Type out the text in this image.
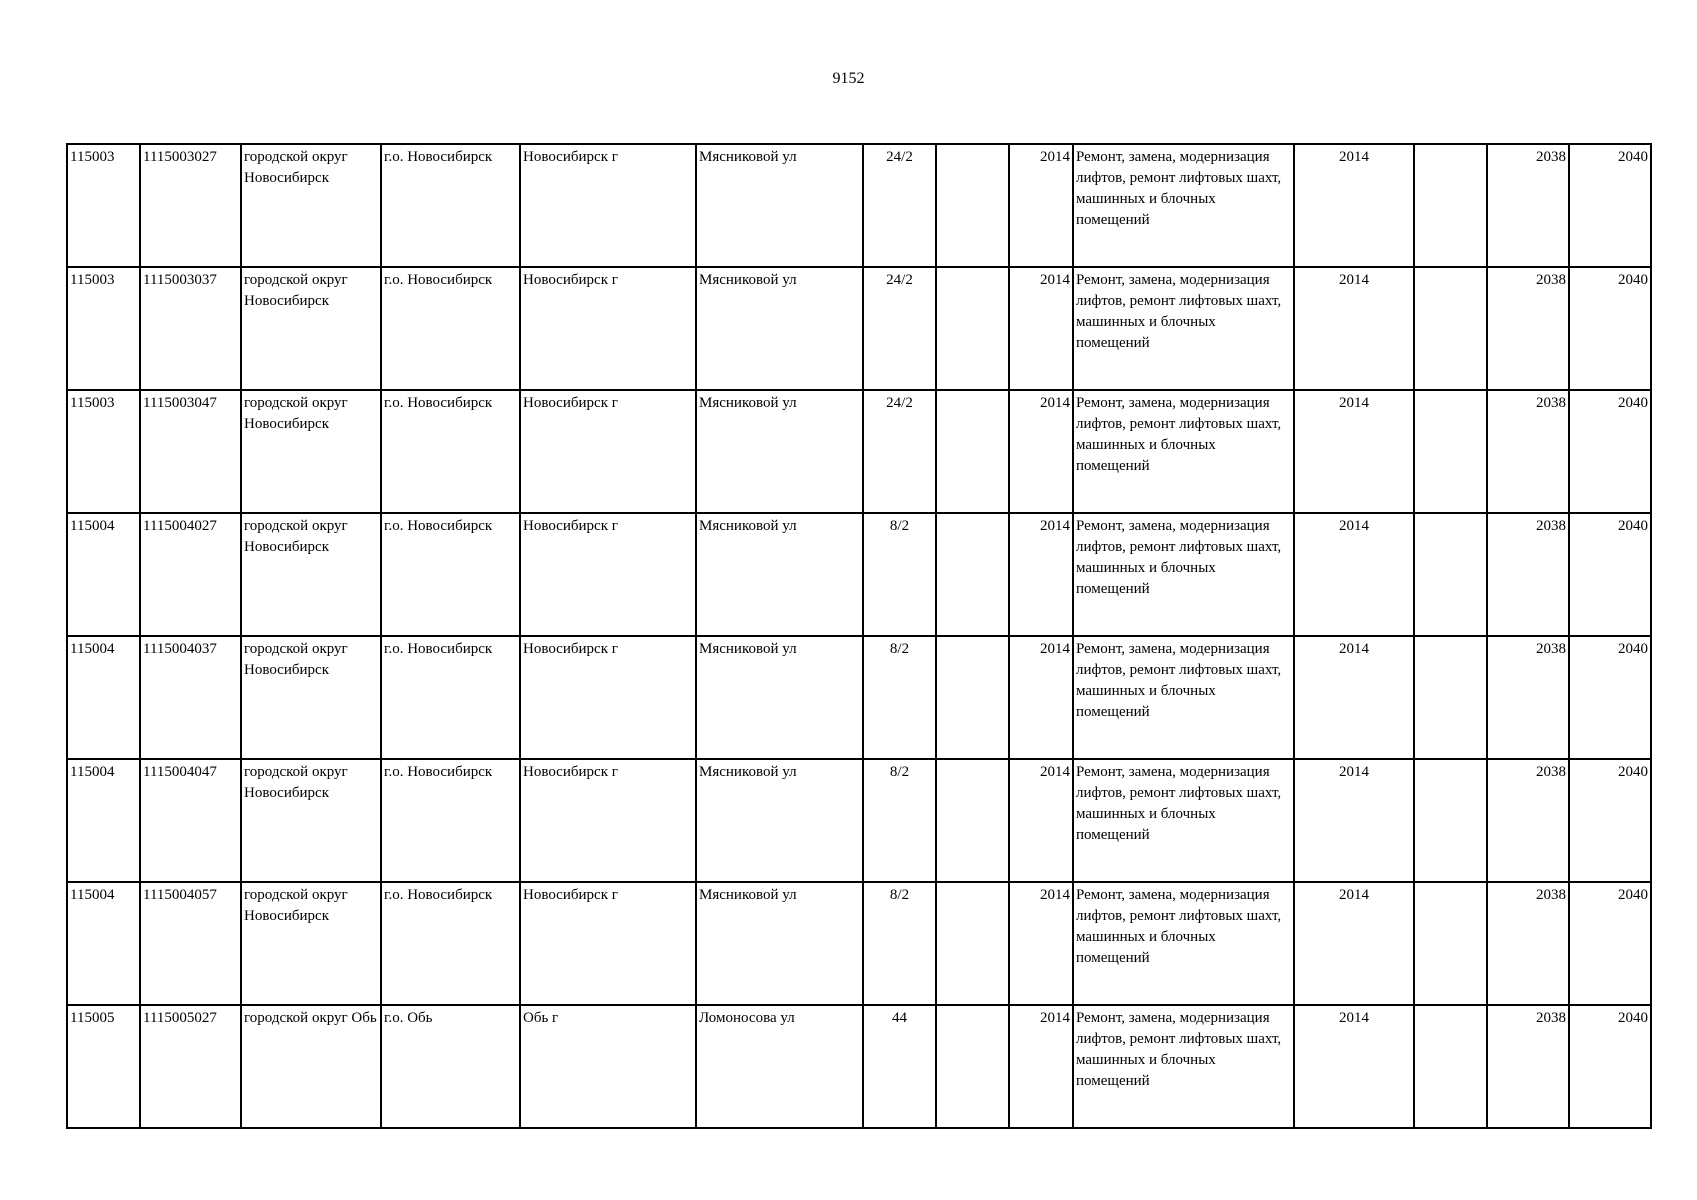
9152
115003	1115003027	городской округ Новосибирск	г.о. Новосибирск	Новосибирск г	Мясниковой ул	24/2		2014	Ремонт, замена, модернизация лифтов, ремонт лифтовых шахт, машинных и блочных помещений	2014		2038	2040
115003	1115003037	городской округ Новосибирск	г.о. Новосибирск	Новосибирск г	Мясниковой ул	24/2		2014	Ремонт, замена, модернизация лифтов, ремонт лифтовых шахт, машинных и блочных помещений	2014		2038	2040
115003	1115003047	городской округ Новосибирск	г.о. Новосибирск	Новосибирск г	Мясниковой ул	24/2		2014	Ремонт, замена, модернизация лифтов, ремонт лифтовых шахт, машинных и блочных помещений	2014		2038	2040
115004	1115004027	городской округ Новосибирск	г.о. Новосибирск	Новосибирск г	Мясниковой ул	8/2		2014	Ремонт, замена, модернизация лифтов, ремонт лифтовых шахт, машинных и блочных помещений	2014		2038	2040
115004	1115004037	городской округ Новосибирск	г.о. Новосибирск	Новосибирск г	Мясниковой ул	8/2		2014	Ремонт, замена, модернизация лифтов, ремонт лифтовых шахт, машинных и блочных помещений	2014		2038	2040
115004	1115004047	городской округ Новосибирск	г.о. Новосибирск	Новосибирск г	Мясниковой ул	8/2		2014	Ремонт, замена, модернизация лифтов, ремонт лифтовых шахт, машинных и блочных помещений	2014		2038	2040
115004	1115004057	городской округ Новосибирск	г.о. Новосибирск	Новосибирск г	Мясниковой ул	8/2		2014	Ремонт, замена, модернизация лифтов, ремонт лифтовых шахт, машинных и блочных помещений	2014		2038	2040
115005	1115005027	городской округ Обь	г.о. Обь	Обь г	Ломоносова ул	44		2014	Ремонт, замена, модернизация лифтов, ремонт лифтовых шахт, машинных и блочных помещений	2014		2038	2040
